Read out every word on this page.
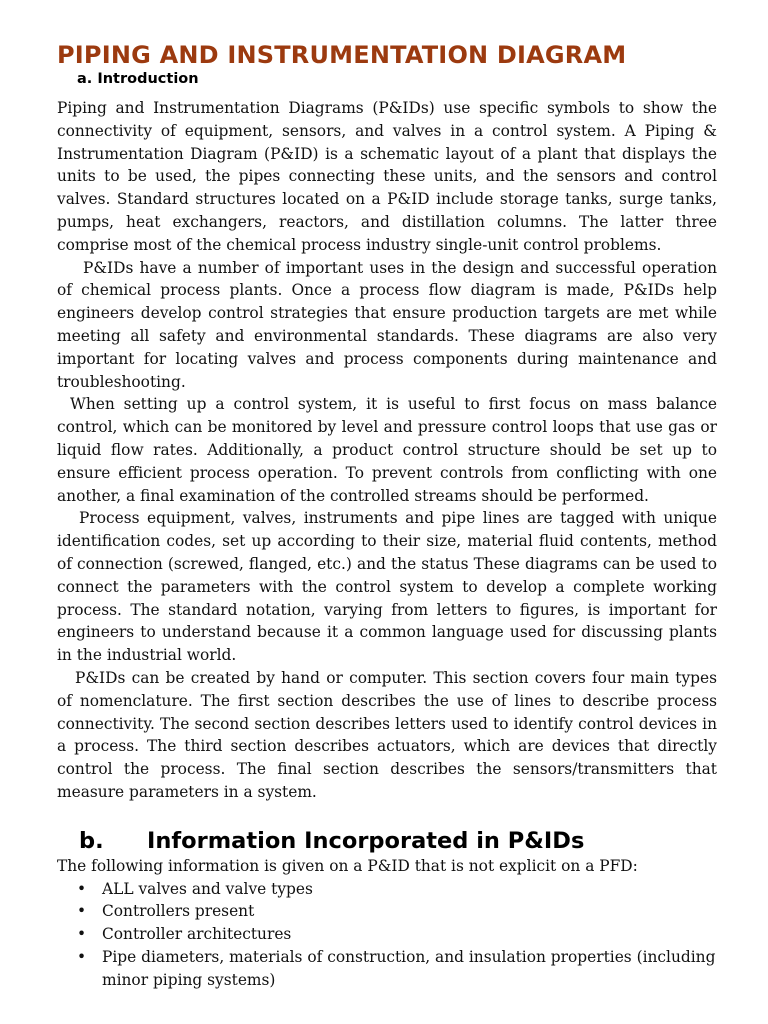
PIPING AND INSTRUMENTATION DIAGRAM
a. Introduction

Piping and Instrumentation Diagrams (P&IDs) use specific symbols to show the connectivity of equipment, sensors, and valves in a control system. A Piping & Instrumentation Diagram (P&ID) is a schematic layout of a plant that displays the units to be used, the pipes connecting these units, and the sensors and control valves. Standard structures located on a P&ID include storage tanks, surge tanks, pumps, heat exchangers, reactors, and distillation columns. The latter three comprise most of the chemical process industry single-unit control problems.

P&IDs have a number of important uses in the design and successful operation of chemical process plants. Once a process flow diagram is made, P&IDs help engineers develop control strategies that ensure production targets are met while meeting all safety and environmental standards. These diagrams are also very important for locating valves and process components during maintenance and troubleshooting.

When setting up a control system, it is useful to first focus on mass balance control, which can be monitored by level and pressure control loops that use gas or liquid flow rates. Additionally, a product control structure should be set up to ensure efficient process operation. To prevent controls from conflicting with one another, a final examination of the controlled streams should be performed.

Process equipment, valves, instruments and pipe lines are tagged with unique identification codes, set up according to their size, material fluid contents, method of connection (screwed, flanged, etc.) and the status These diagrams can be used to connect the parameters with the control system to develop a complete working process. The standard notation, varying from letters to figures, is important for engineers to understand because it a common language used for discussing plants in the industrial world.

P&IDs can be created by hand or computer. This section covers four main types of nomenclature. The first section describes the use of lines to describe process connectivity. The second section describes letters used to identify control devices in a process. The third section describes actuators, which are devices that directly control the process. The final section describes the sensors/transmitters that measure parameters in a system.

b.	Information Incorporated in P&IDs

The following information is given on a P&ID that is not explicit on a PFD:

•	ALL valves and valve types
•	Controllers present
•	Controller architectures
•	Pipe diameters, materials of construction, and insulation properties (including minor piping systems)
